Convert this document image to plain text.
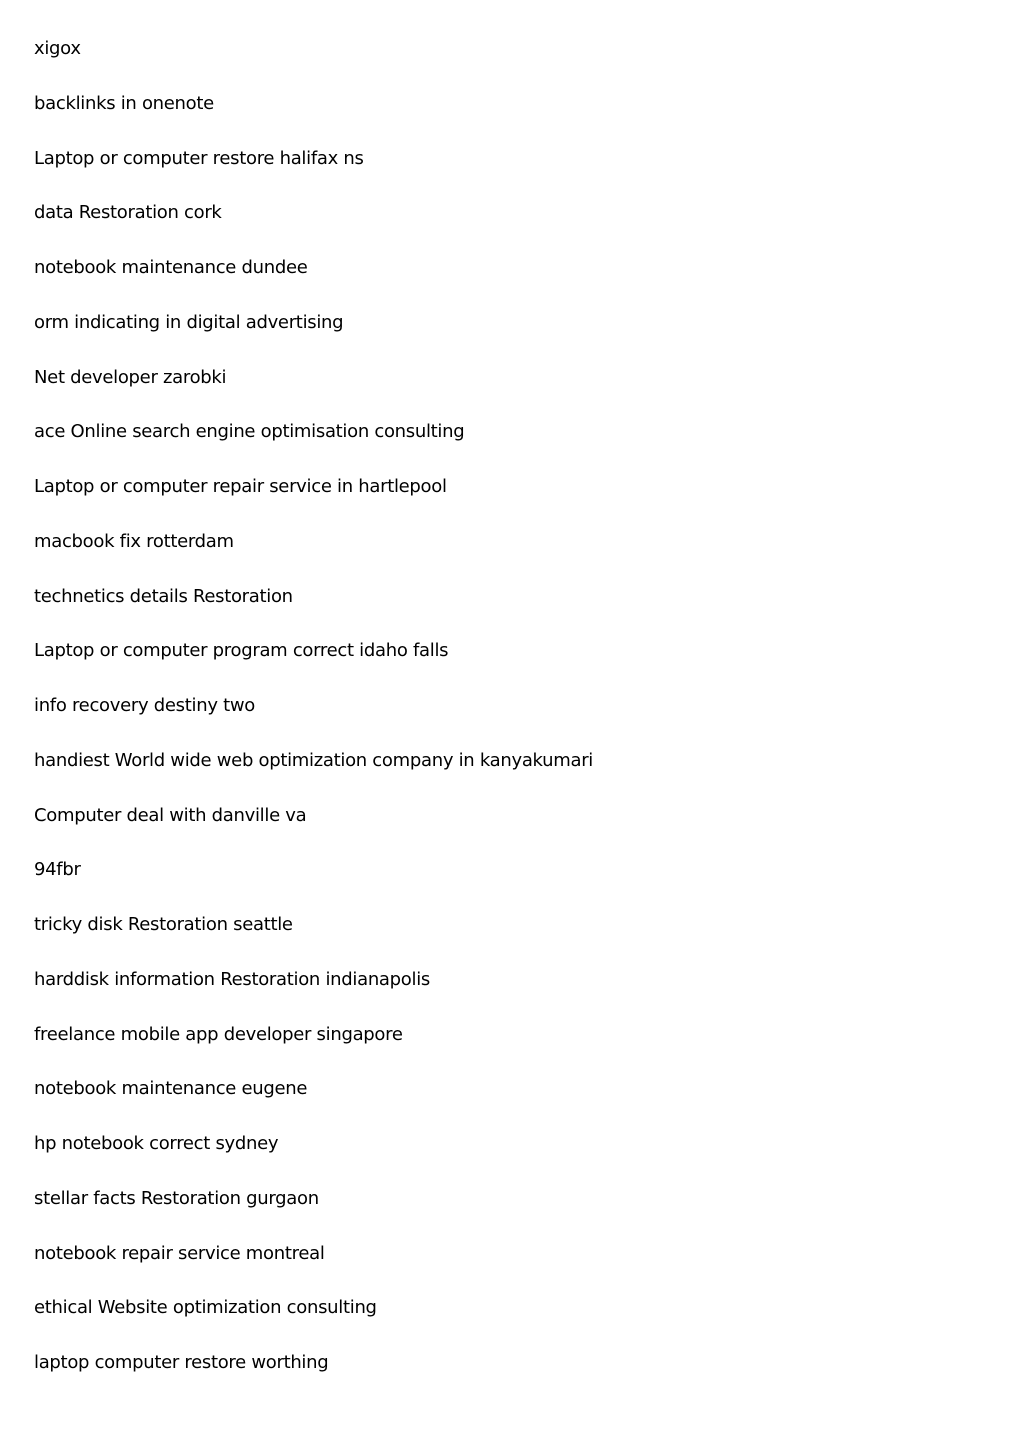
xigox
backlinks in onenote
Laptop or computer restore halifax ns
data Restoration cork
notebook maintenance dundee
orm indicating in digital advertising
Net developer zarobki
ace Online search engine optimisation consulting
Laptop or computer repair service in hartlepool
macbook fix rotterdam
technetics details Restoration
Laptop or computer program correct idaho falls
info recovery destiny two
handiest World wide web optimization company in kanyakumari
Computer deal with danville va
94fbr
tricky disk Restoration seattle
harddisk information Restoration indianapolis
freelance mobile app developer singapore
notebook maintenance eugene
hp notebook correct sydney
stellar facts Restoration gurgaon
notebook repair service montreal
ethical Website optimization consulting
laptop computer restore worthing
